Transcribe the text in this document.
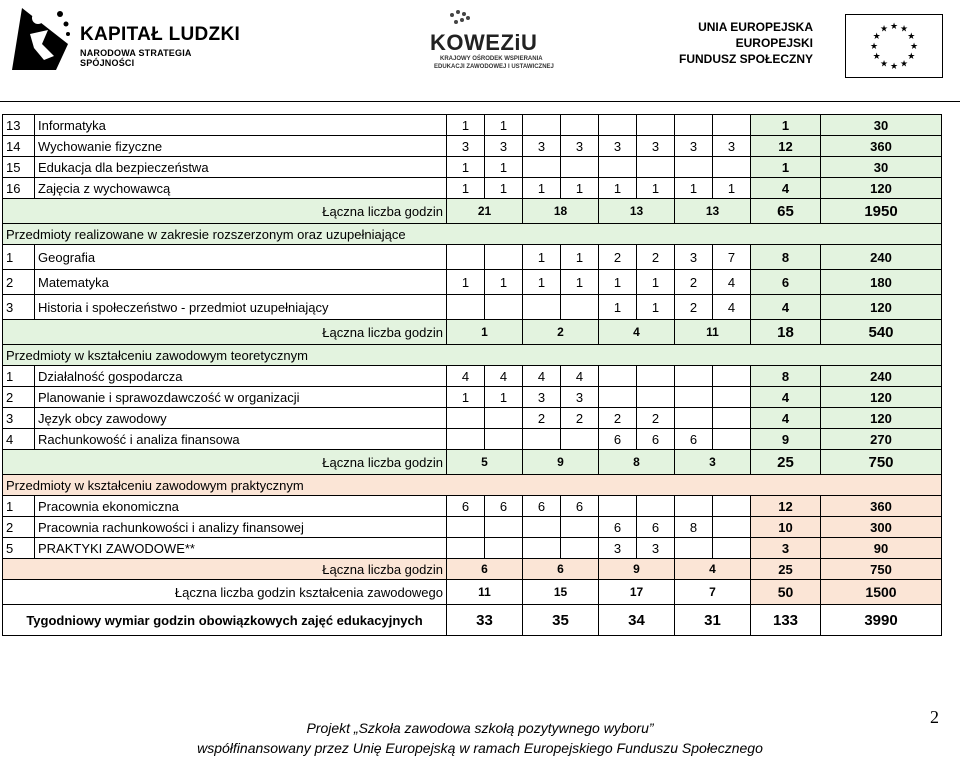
KAPITAŁ LUDZKI
NARODOWA STRATEGIA SPÓJNOŚCI
KOWEZiU
KRAJOWY OŚRODEK WSPIERANIA
EDUKACJI ZAWODOWEJ I USTAWICZNEJ
UNIA EUROPEJSKA
EUROPEJSKI
FUNDUSZ SPOŁECZNY
★ ★
★
★
★
★
★
★
★
★
★
★
13	Informatyka	1	1							1	30
14	Wychowanie fizyczne	3	3	3	3	3	3	3	3	12	360
15	Edukacja dla bezpieczeństwa	1	1							1	30
16	Zajęcia z wychowawcą	1	1	1	1	1	1	1	1	4	120
Łączna liczba godzin		21		18		13		13		65	1950
Przedmioty realizowane w zakresie rozszerzonym oraz uzupełniające											
1	Geografia			1	1	2	2	3	7	8	240
2	Matematyka	1	1	1	1	1	1	2	4	6	180
3	Historia i społeczeństwo - przedmiot uzupełniający					1	1	2	4	4	120
Łączna liczba godzin		1		2		4		11		18	540
Przedmioty w kształceniu zawodowym teoretycznym											
1	Działalność gospodarcza	4	4	4	4					8	240
2	Planowanie i sprawozdawczość w organizacji	1	1	3	3					4	120
3	Język obcy zawodowy			2	2	2	2			4	120
4	Rachunkowość i analiza finansowa					6	6	6		9	270
Łączna liczba godzin		5		9		8		3		25	750
Przedmioty w kształceniu zawodowym praktycznym											
1	Pracownia ekonomiczna	6	6	6	6					12	360
2	Pracownia rachunkowości i analizy finansowej					6	6	8		10	300
5	PRAKTYKI ZAWODOWE**					3	3			3	90
Łączna liczba godzin		6		6		9		4		25	750
Łączna liczba godzin kształcenia zawodowego		11		15		17		7		50	1500
Tygodniowy wymiar godzin obowiązkowych zajęć edukacyjnych		33		35		34		31		133	3990
2
Projekt „Szkoła zawodowa szkołą pozytywnego wyboru”
współfinansowany przez Unię Europejską w ramach Europejskiego Funduszu Społecznego
